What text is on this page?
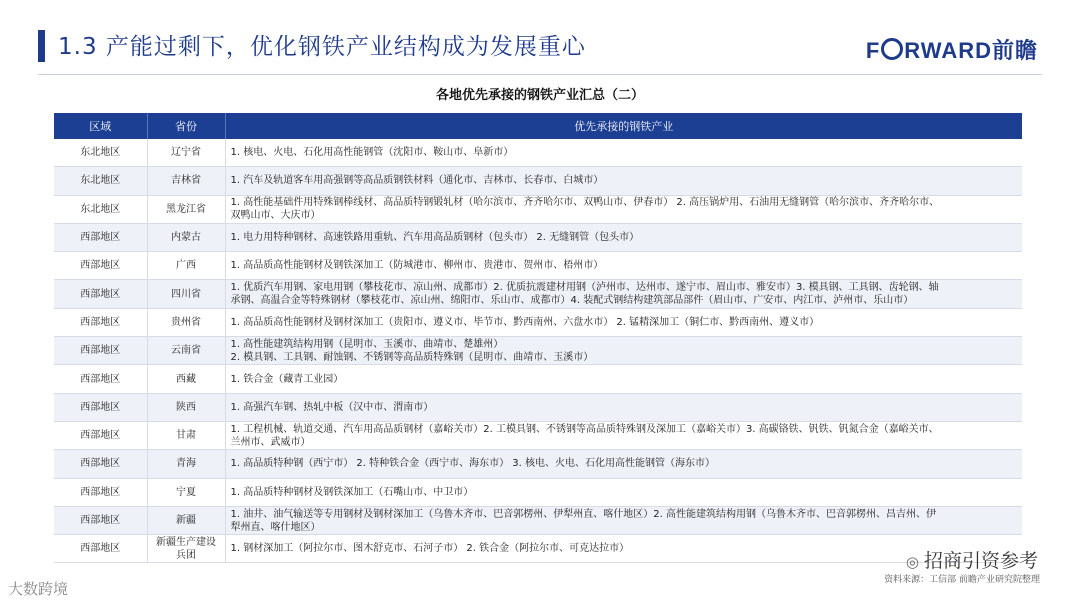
1.3 产能过剩下，优化钢铁产业结构成为发展重心	F RWARD前瞻
各地优先承接的钢铁产业汇总（二）
区域	省份	优先承接的钢铁产业
东北地区	辽宁省	1. 核电、火电、石化用高性能钢管（沈阳市、鞍山市、阜新市）

东北地区	吉林省	1. 汽车及轨道客车用高强钢等高品质钢铁材料（通化市、吉林市、长春市、白城市）

东北地区	黑龙江省	1. 高性能基础件用特殊钢棒线材、高品质特钢锻轧材（哈尔滨市、齐齐哈尔市、双鸭山市、伊春市） 2. 高压锅炉用、石油用无缝钢管（哈尔滨市、齐齐哈尔市、
双鸭山市、大庆市）

西部地区	内蒙古	1. 电力用特种钢材、高速铁路用重轨、汽车用高品质钢材（包头市） 2. 无缝钢管（包头市）

西部地区	广西	1. 高品质高性能钢材及钢铁深加工（防城港市、柳州市、贵港市、贺州市、梧州市）

西部地区	四川省	1. 优质汽车用钢、家电用钢（攀枝花市、凉山州、成都市）2. 优质抗震建材用钢（泸州市、达州市、遂宁市、眉山市、雅安市）3. 模具钢、工具钢、齿轮钢、轴
承钢、高温合金等特殊钢材（攀枝花市、凉山州、绵阳市、乐山市、成都市）4. 装配式钢结构建筑部品部件（眉山市、广安市、内江市、泸州市、乐山市）

西部地区	贵州省	1. 高品质高性能钢材及钢材深加工（贵阳市、遵义市、毕节市、黔西南州、六盘水市） 2. 锰精深加工（铜仁市、黔西南州、遵义市）

西部地区	云南省	1. 高性能建筑结构用钢（昆明市、玉溪市、曲靖市、楚雄州）
2. 模具钢、工具钢、耐蚀钢、不锈钢等高品质特殊钢（昆明市、曲靖市、玉溪市）

西部地区	西藏	1. 铁合金（藏青工业园）

西部地区	陕西	1. 高强汽车钢、热轧中板（汉中市、渭南市）

西部地区	甘肃	1. 工程机械、轨道交通、汽车用高品质钢材（嘉峪关市）2. 工模具钢、不锈钢等高品质特殊钢及深加工（嘉峪关市）3. 高碳铬铁、钒铁、钒氮合金（嘉峪关市、
兰州市、武威市）

西部地区	青海	1. 高品质特种钢（西宁市） 2. 特种铁合金（西宁市、海东市） 3. 核电、火电、石化用高性能钢管（海东市）

西部地区	宁夏	1. 高品质特种钢材及钢铁深加工（石嘴山市、中卫市）

西部地区	新疆	1. 油井、油气输送等专用钢材及钢材深加工（乌鲁木齐市、巴音郭楞州、伊犁州直、喀什地区）2. 高性能建筑结构用钢（乌鲁木齐市、巴音郭楞州、昌吉州、伊
犁州直、喀什地区）

西部地区	新疆生产建设兵团	1. 钢材深加工（阿拉尔市、图木舒克市、石河子市） 2. 铁合金（阿拉尔市、可克达拉市）
◎ 招商引资参考
资料来源：工信部 前瞻产业研究院整理
大数跨境
